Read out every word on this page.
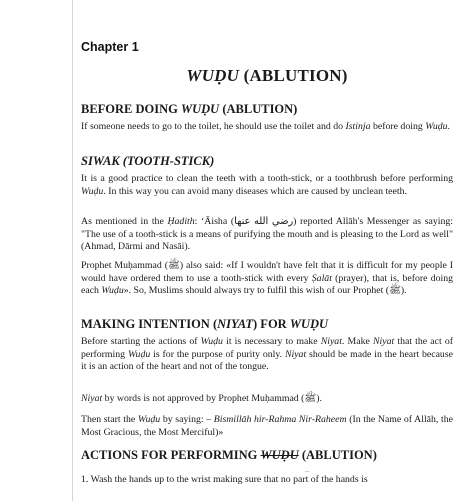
Chapter 1
WUḌU (ABLUTION)
BEFORE DOING WUḌU (ABLUTION)
If someone needs to go to the toilet, he should use the toilet and do Istinja before doing Wuḍu.
SIWAK (TOOTH-STICK)
It is a good practice to clean the teeth with a tooth-stick, or a toothbrush before performing Wuḍu. In this way you can avoid many diseases which are caused by unclean teeth.
As mentioned in the Ḥadith: ʻĀisha (رضي الله عنها) reported Allāh's Messenger as saying: "The use of a tooth-stick is a means of purifying the mouth and is pleasing to the Lord as well" (Ahmad, Dārmi and Nasāi).
Prophet Muḥammad (ﷺ) also said: «If I wouldn't have felt that it is difficult for my people I would have ordered them to use a tooth-stick with every Ṣalāt (prayer), that is, before doing each Wuḍu». So, Muslims should always try to fulfil this wish of our Prophet (ﷺ).
MAKING INTENTION (NIYAT) FOR WUḌU
Before starting the actions of Wuḍu it is necessary to make Niyat. Make Niyat that the act of performing Wuḍu is for the purpose of purity only. Niyat should be made in the heart because it is an action of the heart and not of the tongue.
Niyat by words is not approved by Prophet Muḥammad (ﷺ).
Then start the Wuḍu by saying: – Bismillāh hir-Rahma Nir-Raheem (In the Name of Allāh, the Most Gracious, the Most Merciful)»
ACTIONS FOR PERFORMING WUḌU (ABLUTION)
1. Wash the hands up to the wrist making sure that no part of the hands is
‒
